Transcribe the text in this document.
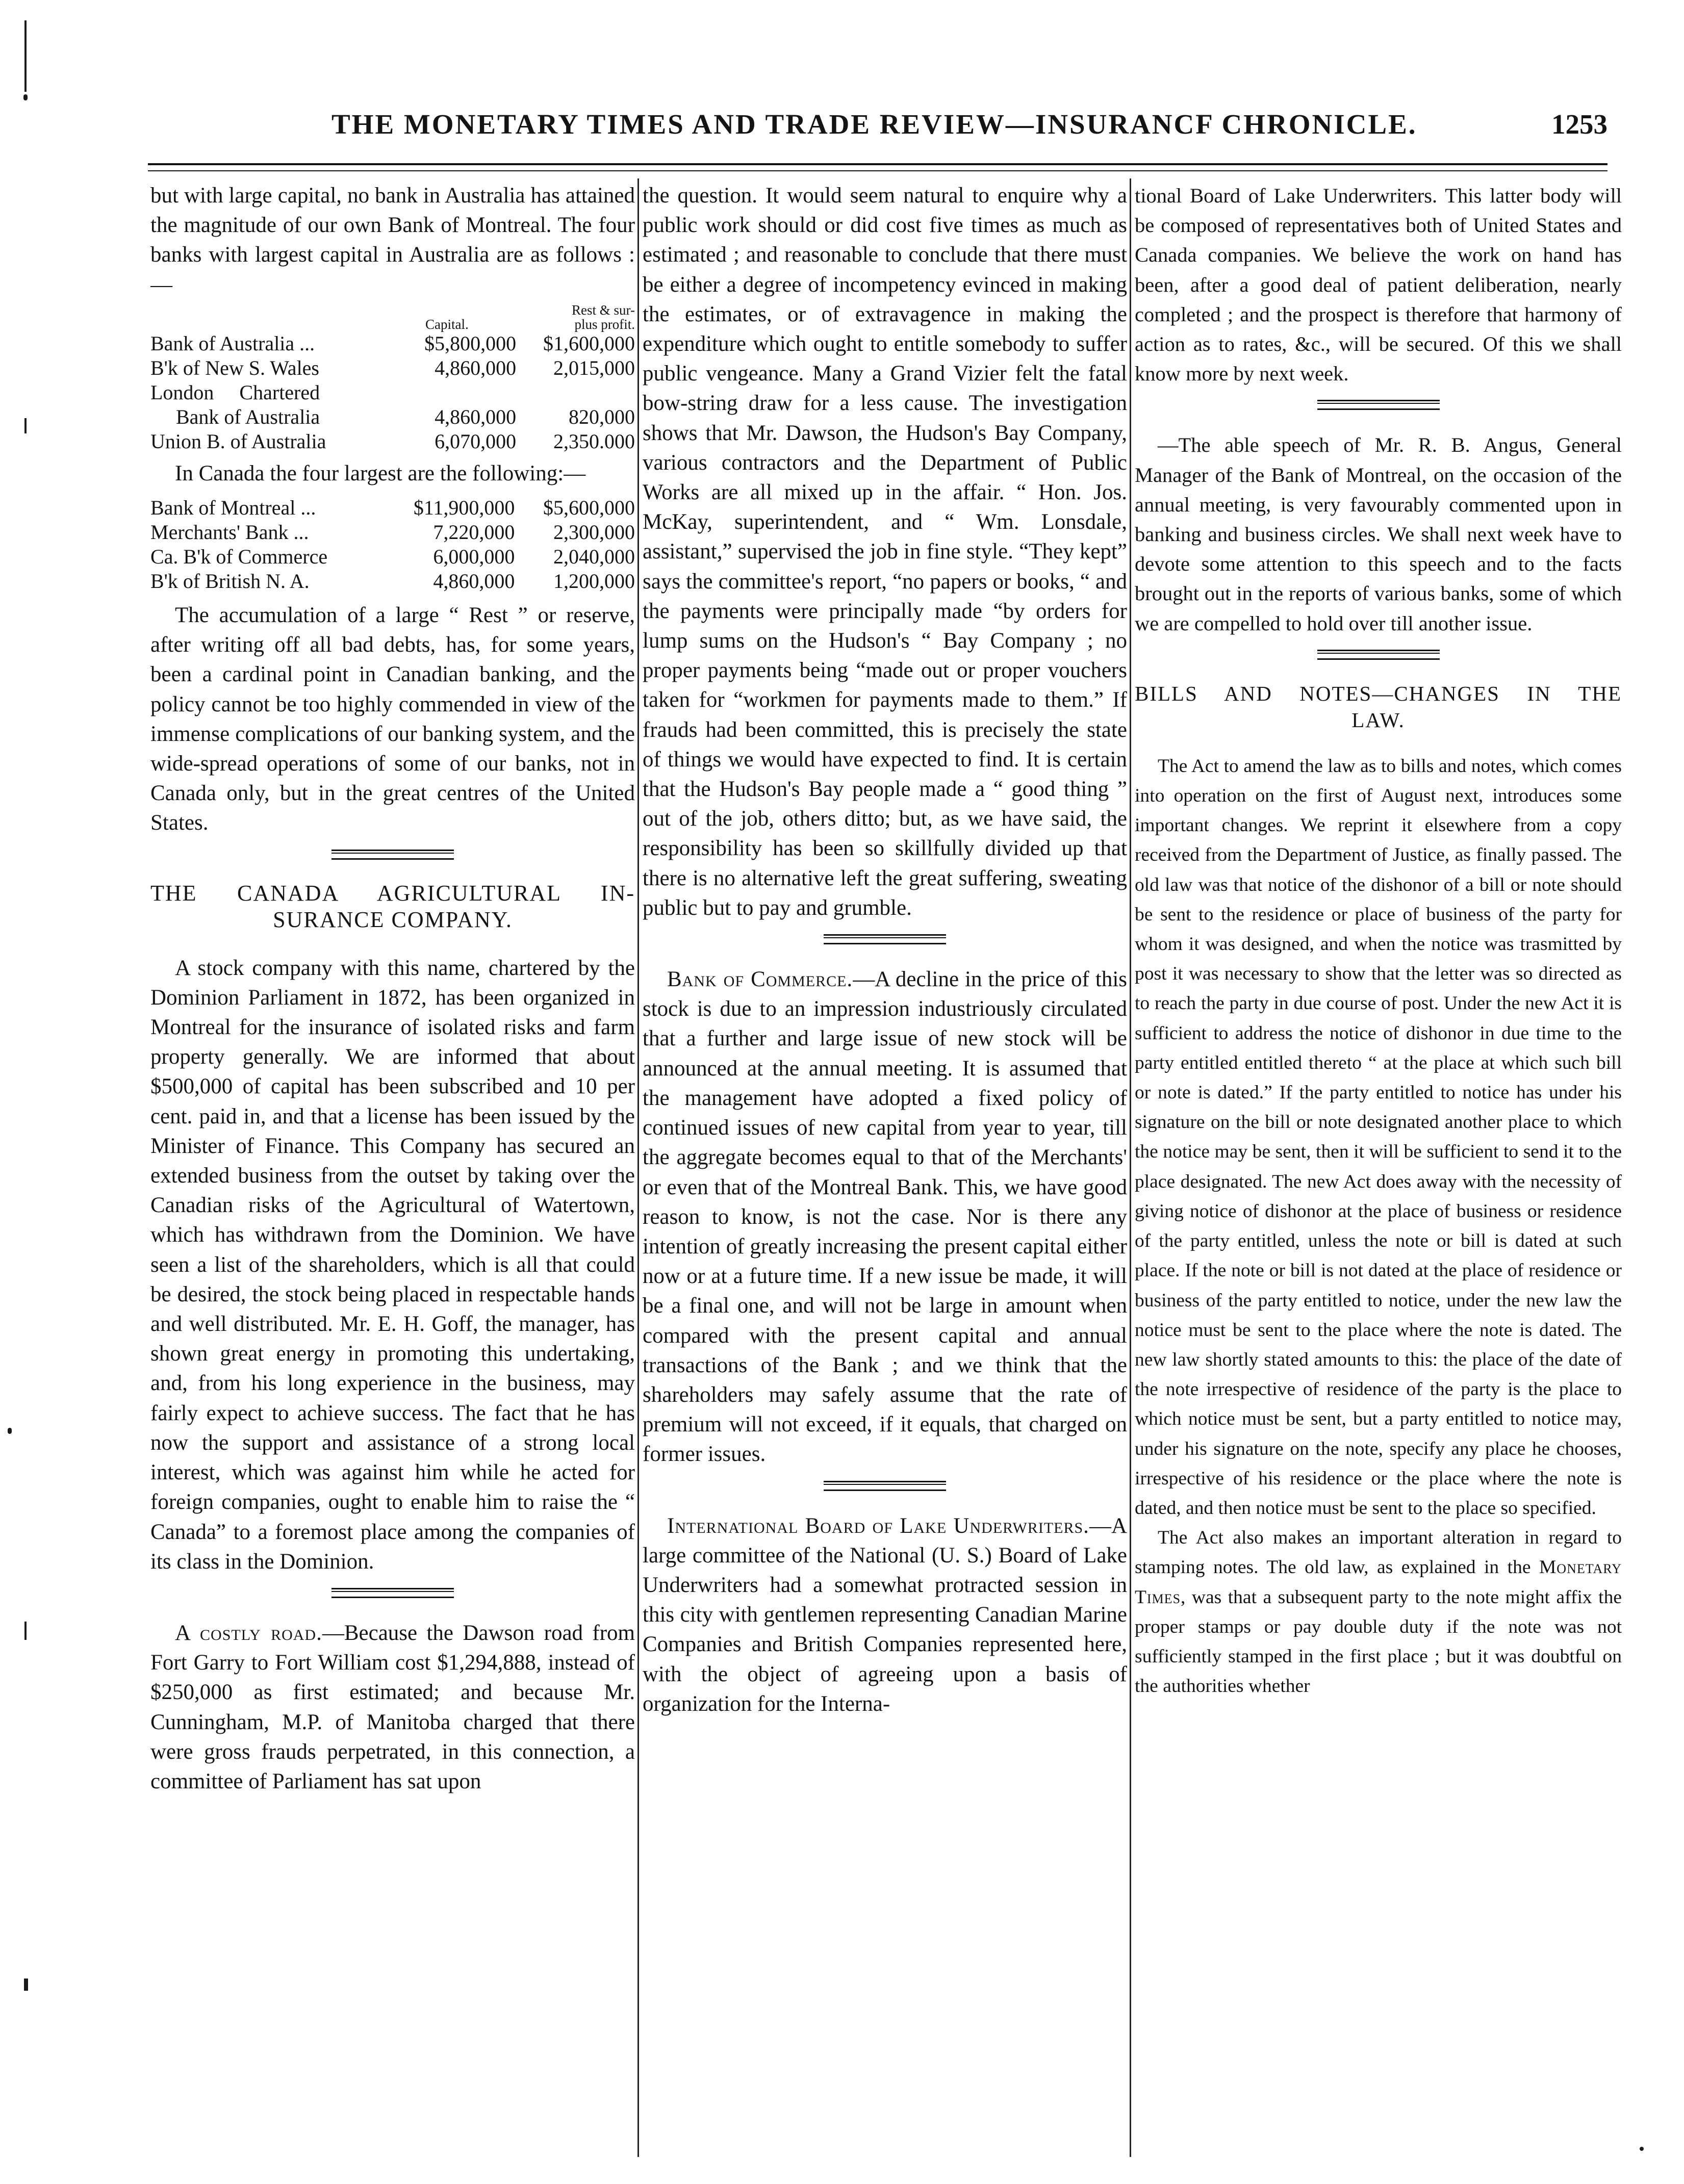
THE MONETARY TIMES AND TRADE REVIEW—INSURANCF CHRONICLE.	1253

but with large capital, no bank in Australia has attained the magnitude of our own Bank of Montreal. The four banks with largest capital in Australia are as follows :—

	Capital.	Rest & sur-
plus profit.

Bank of Australia ...	$5,800,000	$1,600,000
B'k of New S. Wales	4,860,000	2,015,000
London Chartered		
Bank of Australia	4,860,000	820,000
Union B. of Australia	6,070,000	2,350.000

In Canada the four largest are the following:—

Bank of Montreal ...	$11,900,000	$5,600,000
Merchants' Bank ...	7,220,000	2,300,000
Ca. B'k of Commerce	6,000,000	2,040,000
B'k of British N. A.	4,860,000	1,200,000

The accumulation of a large “ Rest ” or reserve, after writing off all bad debts, has, for some years, been a cardinal point in Canadian banking, and the policy cannot be too highly commended in view of the immense complications of our banking system, and the wide-spread operations of some of our banks, not in Canada only, but in the great centres of the United States.

THE CANADA AGRICULTURAL IN-
SURANCE COMPANY.

A stock company with this name, chartered by the Dominion Parliament in 1872, has been organized in Montreal for the insurance of isolated risks and farm property generally. We are informed that about $500,000 of capital has been subscribed and 10 per cent. paid in, and that a license has been issued by the Minister of Finance. This Company has secured an extended business from the outset by taking over the Canadian risks of the Agricultural of Watertown, which has withdrawn from the Dominion. We have seen a list of the shareholders, which is all that could be desired, the stock being placed in respectable hands and well distributed. Mr. E. H. Goff, the manager, has shown great energy in promoting this undertaking, and, from his long experience in the business, may fairly expect to achieve success. The fact that he has now the support and assistance of a strong local interest, which was against him while he acted for foreign companies, ought to enable him to raise the “ Canada” to a foremost place among the companies of its class in the Dominion.

A costly road.—Because the Dawson road from Fort Garry to Fort William cost $1,294,888, instead of $250,000 as first estimated; and because Mr. Cunningham, M.P. of Manitoba charged that there were gross frauds perpetrated, in this connection, a committee of Parliament has sat upon

the question. It would seem natural to enquire why a public work should or did cost five times as much as estimated ; and reasonable to conclude that there must be either a degree of incompetency evinced in making the estimates, or of extravagence in making the expenditure which ought to entitle somebody to suffer public vengeance. Many a Grand Vizier felt the fatal bow-string draw for a less cause. The investigation shows that Mr. Dawson, the Hudson's Bay Company, various contractors and the Department of Public Works are all mixed up in the affair. “ Hon. Jos. McKay, superintendent, and “ Wm. Lonsdale, assistant,” supervised the job in fine style. “They kept” says the committee's report, “no papers or books, “ and the payments were principally made “by orders for lump sums on the Hudson's “ Bay Company ; no proper payments being “made out or proper vouchers taken for “workmen for payments made to them.” If frauds had been committed, this is precisely the state of things we would have expected to find. It is certain that the Hudson's Bay people made a “ good thing ” out of the job, others ditto; but, as we have said, the responsibility has been so skillfully divided up that there is no alternative left the great suffering, sweating public but to pay and grumble.

Bank of Commerce.—A decline in the price of this stock is due to an impression industriously circulated that a further and large issue of new stock will be announced at the annual meeting. It is assumed that the management have adopted a fixed policy of continued issues of new capital from year to year, till the aggregate becomes equal to that of the Merchants' or even that of the Montreal Bank. This, we have good reason to know, is not the case. Nor is there any intention of greatly increasing the present capital either now or at a future time. If a new issue be made, it will be a final one, and will not be large in amount when compared with the present capital and annual transactions of the Bank ; and we think that the shareholders may safely assume that the rate of premium will not exceed, if it equals, that charged on former issues.

International Board of Lake Underwriters.—A large committee of the National (U. S.) Board of Lake Underwriters had a somewhat protracted session in this city with gentlemen representing Canadian Marine Companies and British Companies represented here, with the object of agreeing upon a basis of organization for the Interna-

tional Board of Lake Underwriters. This latter body will be composed of representatives both of United States and Canada companies. We believe the work on hand has been, after a good deal of patient deliberation, nearly completed ; and the prospect is therefore that harmony of action as to rates, &c., will be secured. Of this we shall know more by next week.

—The able speech of Mr. R. B. Angus, General Manager of the Bank of Montreal, on the occasion of the annual meeting, is very favourably commented upon in banking and business circles. We shall next week have to devote some attention to this speech and to the facts brought out in the reports of various banks, some of which we are compelled to hold over till another issue.

BILLS AND NOTES—CHANGES IN THE
LAW.

The Act to amend the law as to bills and notes, which comes into operation on the first of August next, introduces some important changes. We reprint it elsewhere from a copy received from the Department of Justice, as finally passed. The old law was that notice of the dishonor of a bill or note should be sent to the residence or place of business of the party for whom it was designed, and when the notice was trasmitted by post it was necessary to show that the letter was so directed as to reach the party in due course of post. Under the new Act it is sufficient to address the notice of dishonor in due time to the party entitled entitled thereto “ at the place at which such bill or note is dated.” If the party entitled to notice has under his signature on the bill or note designated another place to which the notice may be sent, then it will be sufficient to send it to the place designated. The new Act does away with the necessity of giving notice of dishonor at the place of business or residence of the party entitled, unless the note or bill is dated at such place. If the note or bill is not dated at the place of residence or business of the party entitled to notice, under the new law the notice must be sent to the place where the note is dated. The new law shortly stated amounts to this: the place of the date of the note irrespective of residence of the party is the place to which notice must be sent, but a party entitled to notice may, under his signature on the note, specify any place he chooses, irrespective of his residence or the place where the note is dated, and then notice must be sent to the place so specified.

The Act also makes an important alteration in regard to stamping notes. The old law, as explained in the Monetary Times, was that a subsequent party to the note might affix the proper stamps or pay double duty if the note was not sufficiently stamped in the first place ; but it was doubtful on the authorities whether
